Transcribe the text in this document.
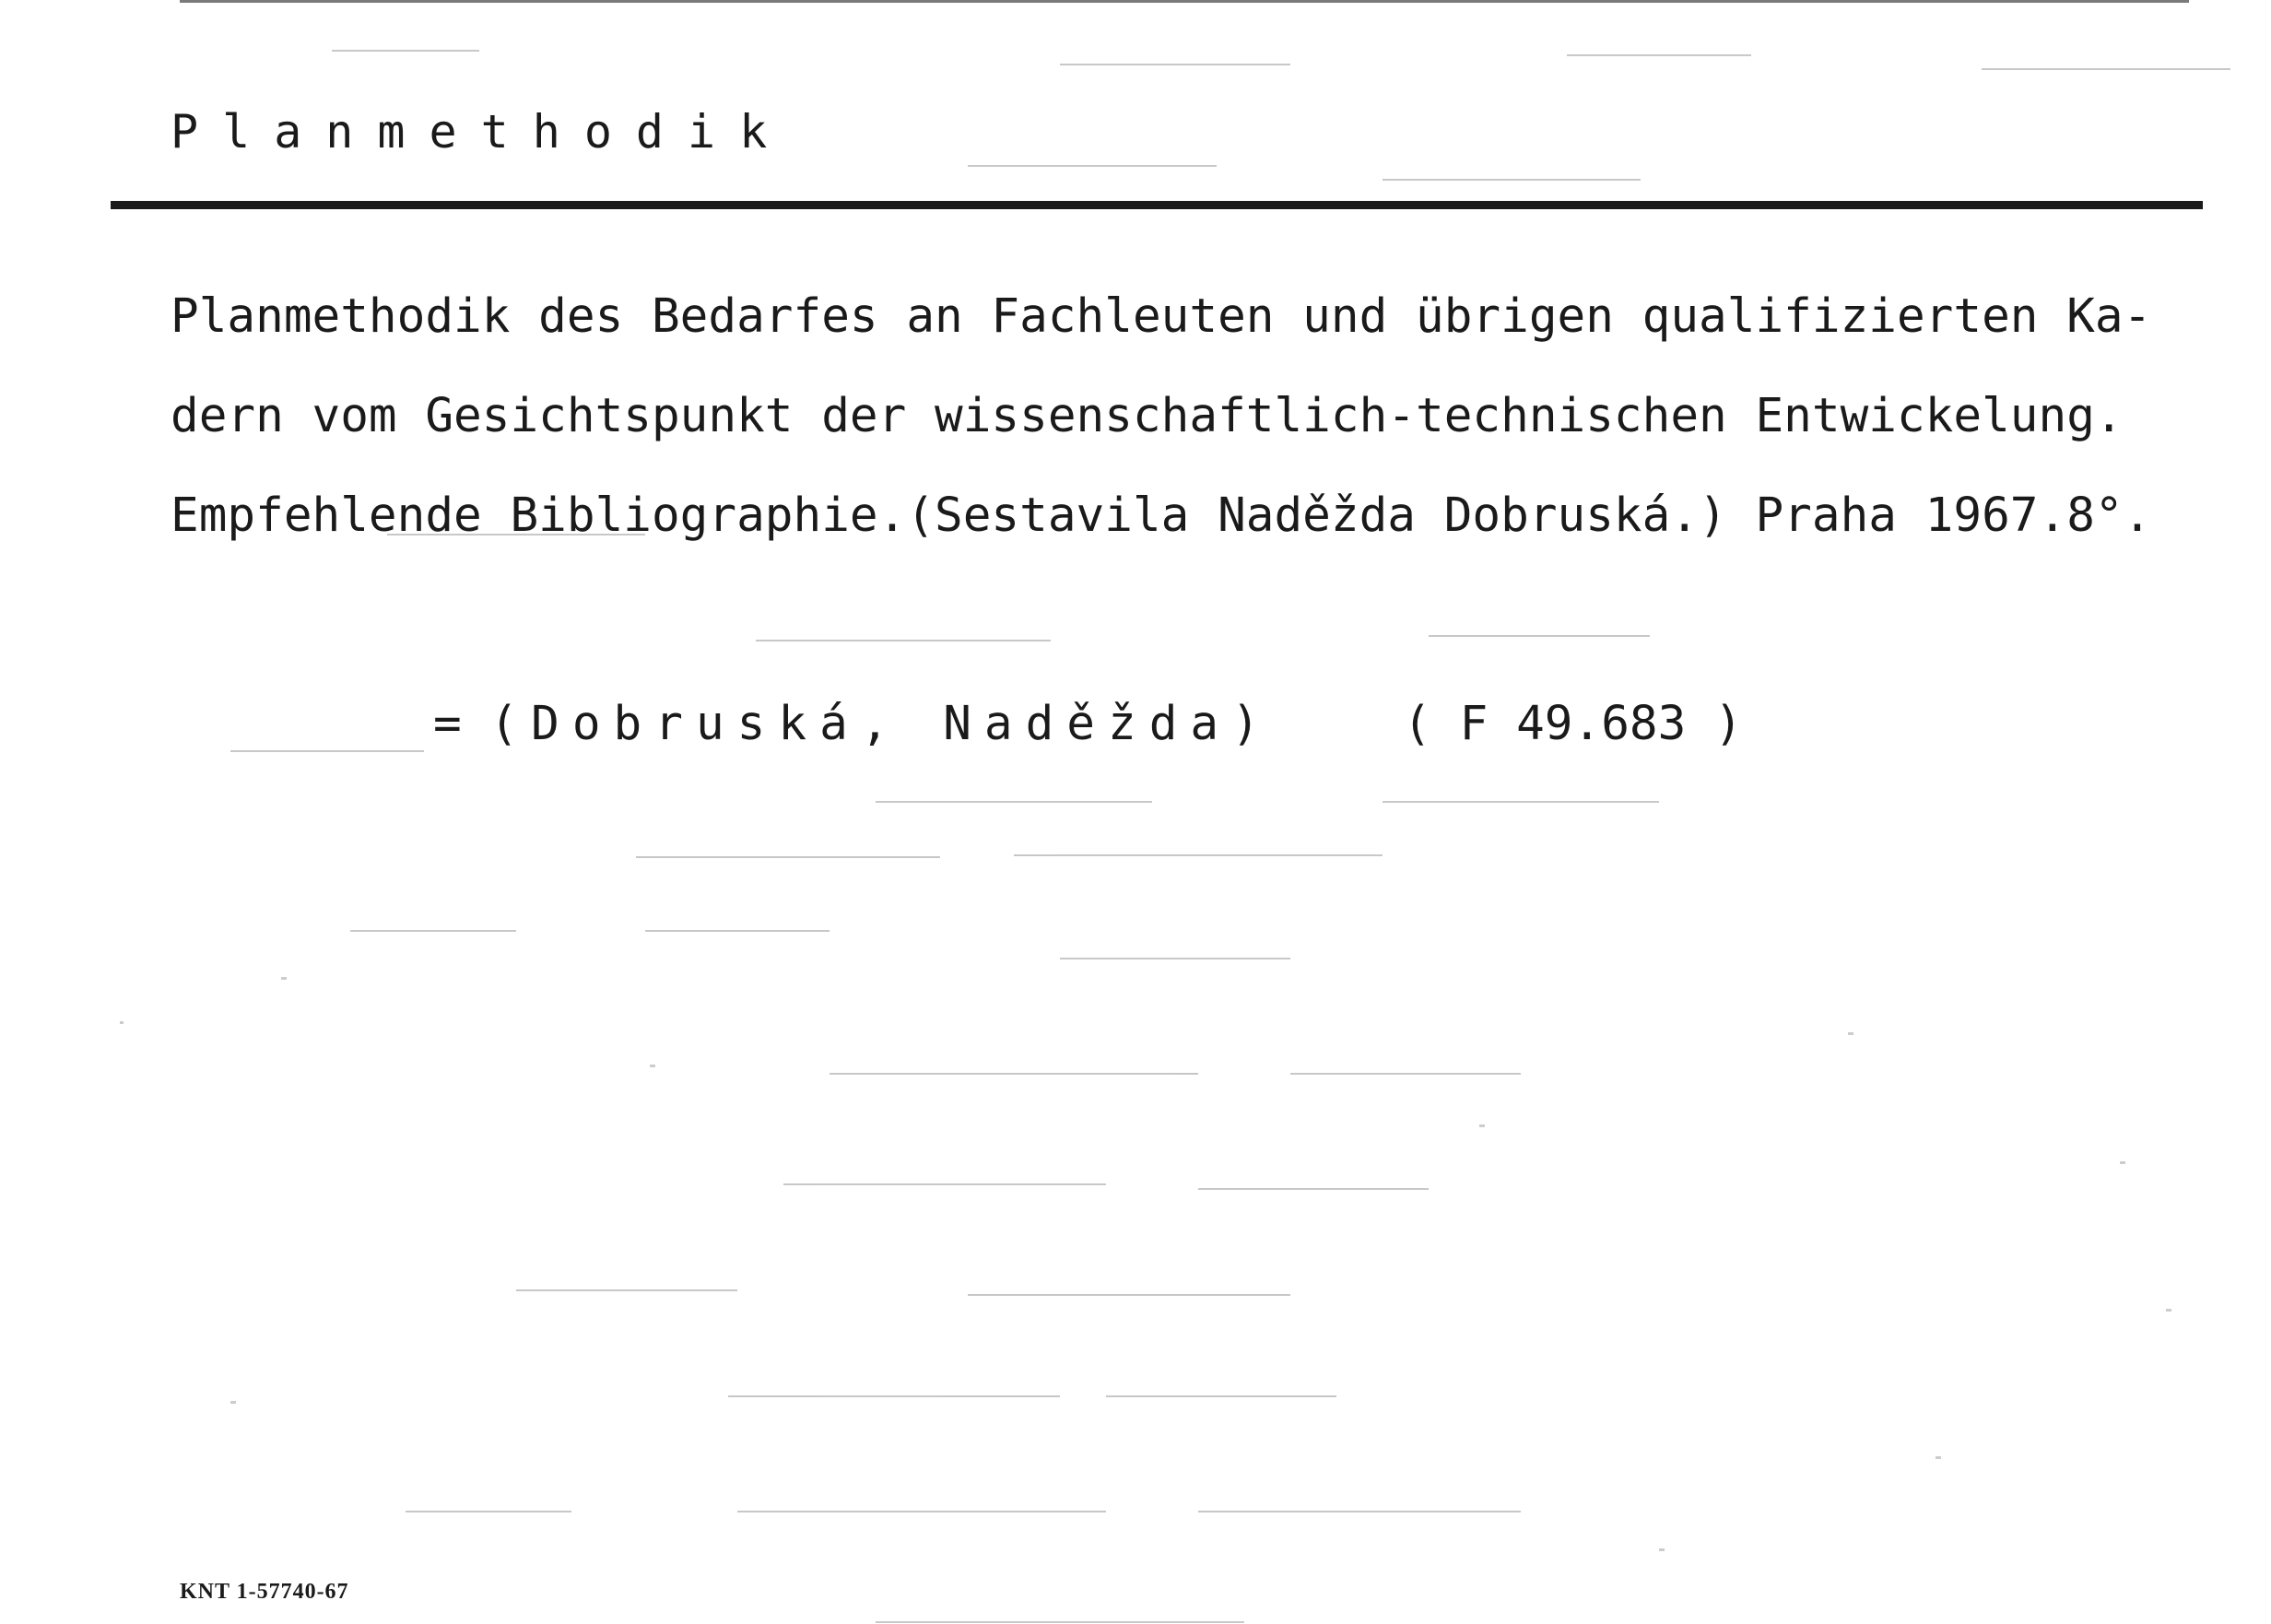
Planmethodik
Planmethodik des Bedarfes an Fachleuten und übrigen qualifizierten Ka-
dern vom Gesichtspunkt der wissenschaftlich-technischen Entwickelung.
Empfehlende Bibliographie.(Sestavila Naděžda Dobruská.) Praha 1967.8°.
= (Dobruská, Naděžda)	( F 49.683 )
KNT 1-57740-67
